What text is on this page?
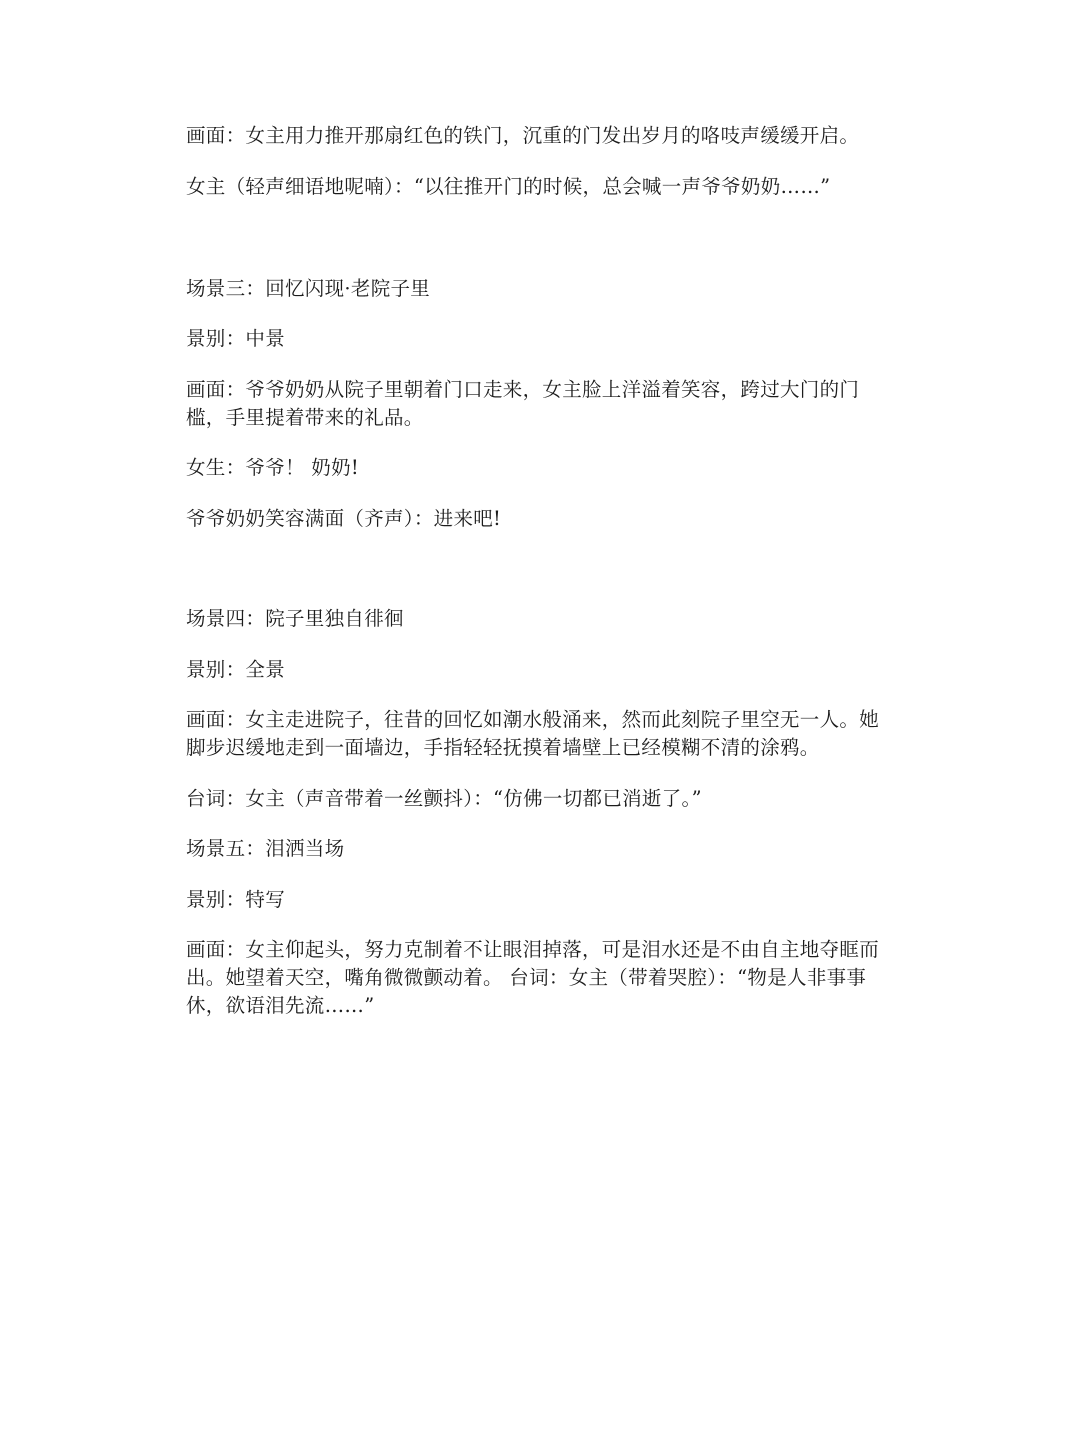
画面：女主用力推开那扇红色的铁门，沉重的门发出岁月的咯吱声缓缓开启。

女主（轻声细语地呢喃）：“以往推开门的时候，总会喊一声爷爷奶奶……”

场景三：回忆闪现·老院子里

景别：中景

画面：爷爷奶奶从院子里朝着门口走来，女主脸上洋溢着笑容，跨过大门的门槛，手里提着带来的礼品。

女生：爷爷！ 奶奶!

爷爷奶奶笑容满面（齐声）：进来吧!

场景四：院子里独自徘徊

景别：全景

画面：女主走进院子，往昔的回忆如潮水般涌来，然而此刻院子里空无一人。她脚步迟缓地走到一面墙边，手指轻轻抚摸着墙壁上已经模糊不清的涂鸦。

台词：女主（声音带着一丝颤抖）：“仿佛一切都已消逝了。”

场景五：泪洒当场

景别：特写

画面：女主仰起头，努力克制着不让眼泪掉落，可是泪水还是不由自主地夺眶而出。她望着天空，嘴角微微颤动着。 台词：女主（带着哭腔）：“物是人非事事休，欲语泪先流……”
